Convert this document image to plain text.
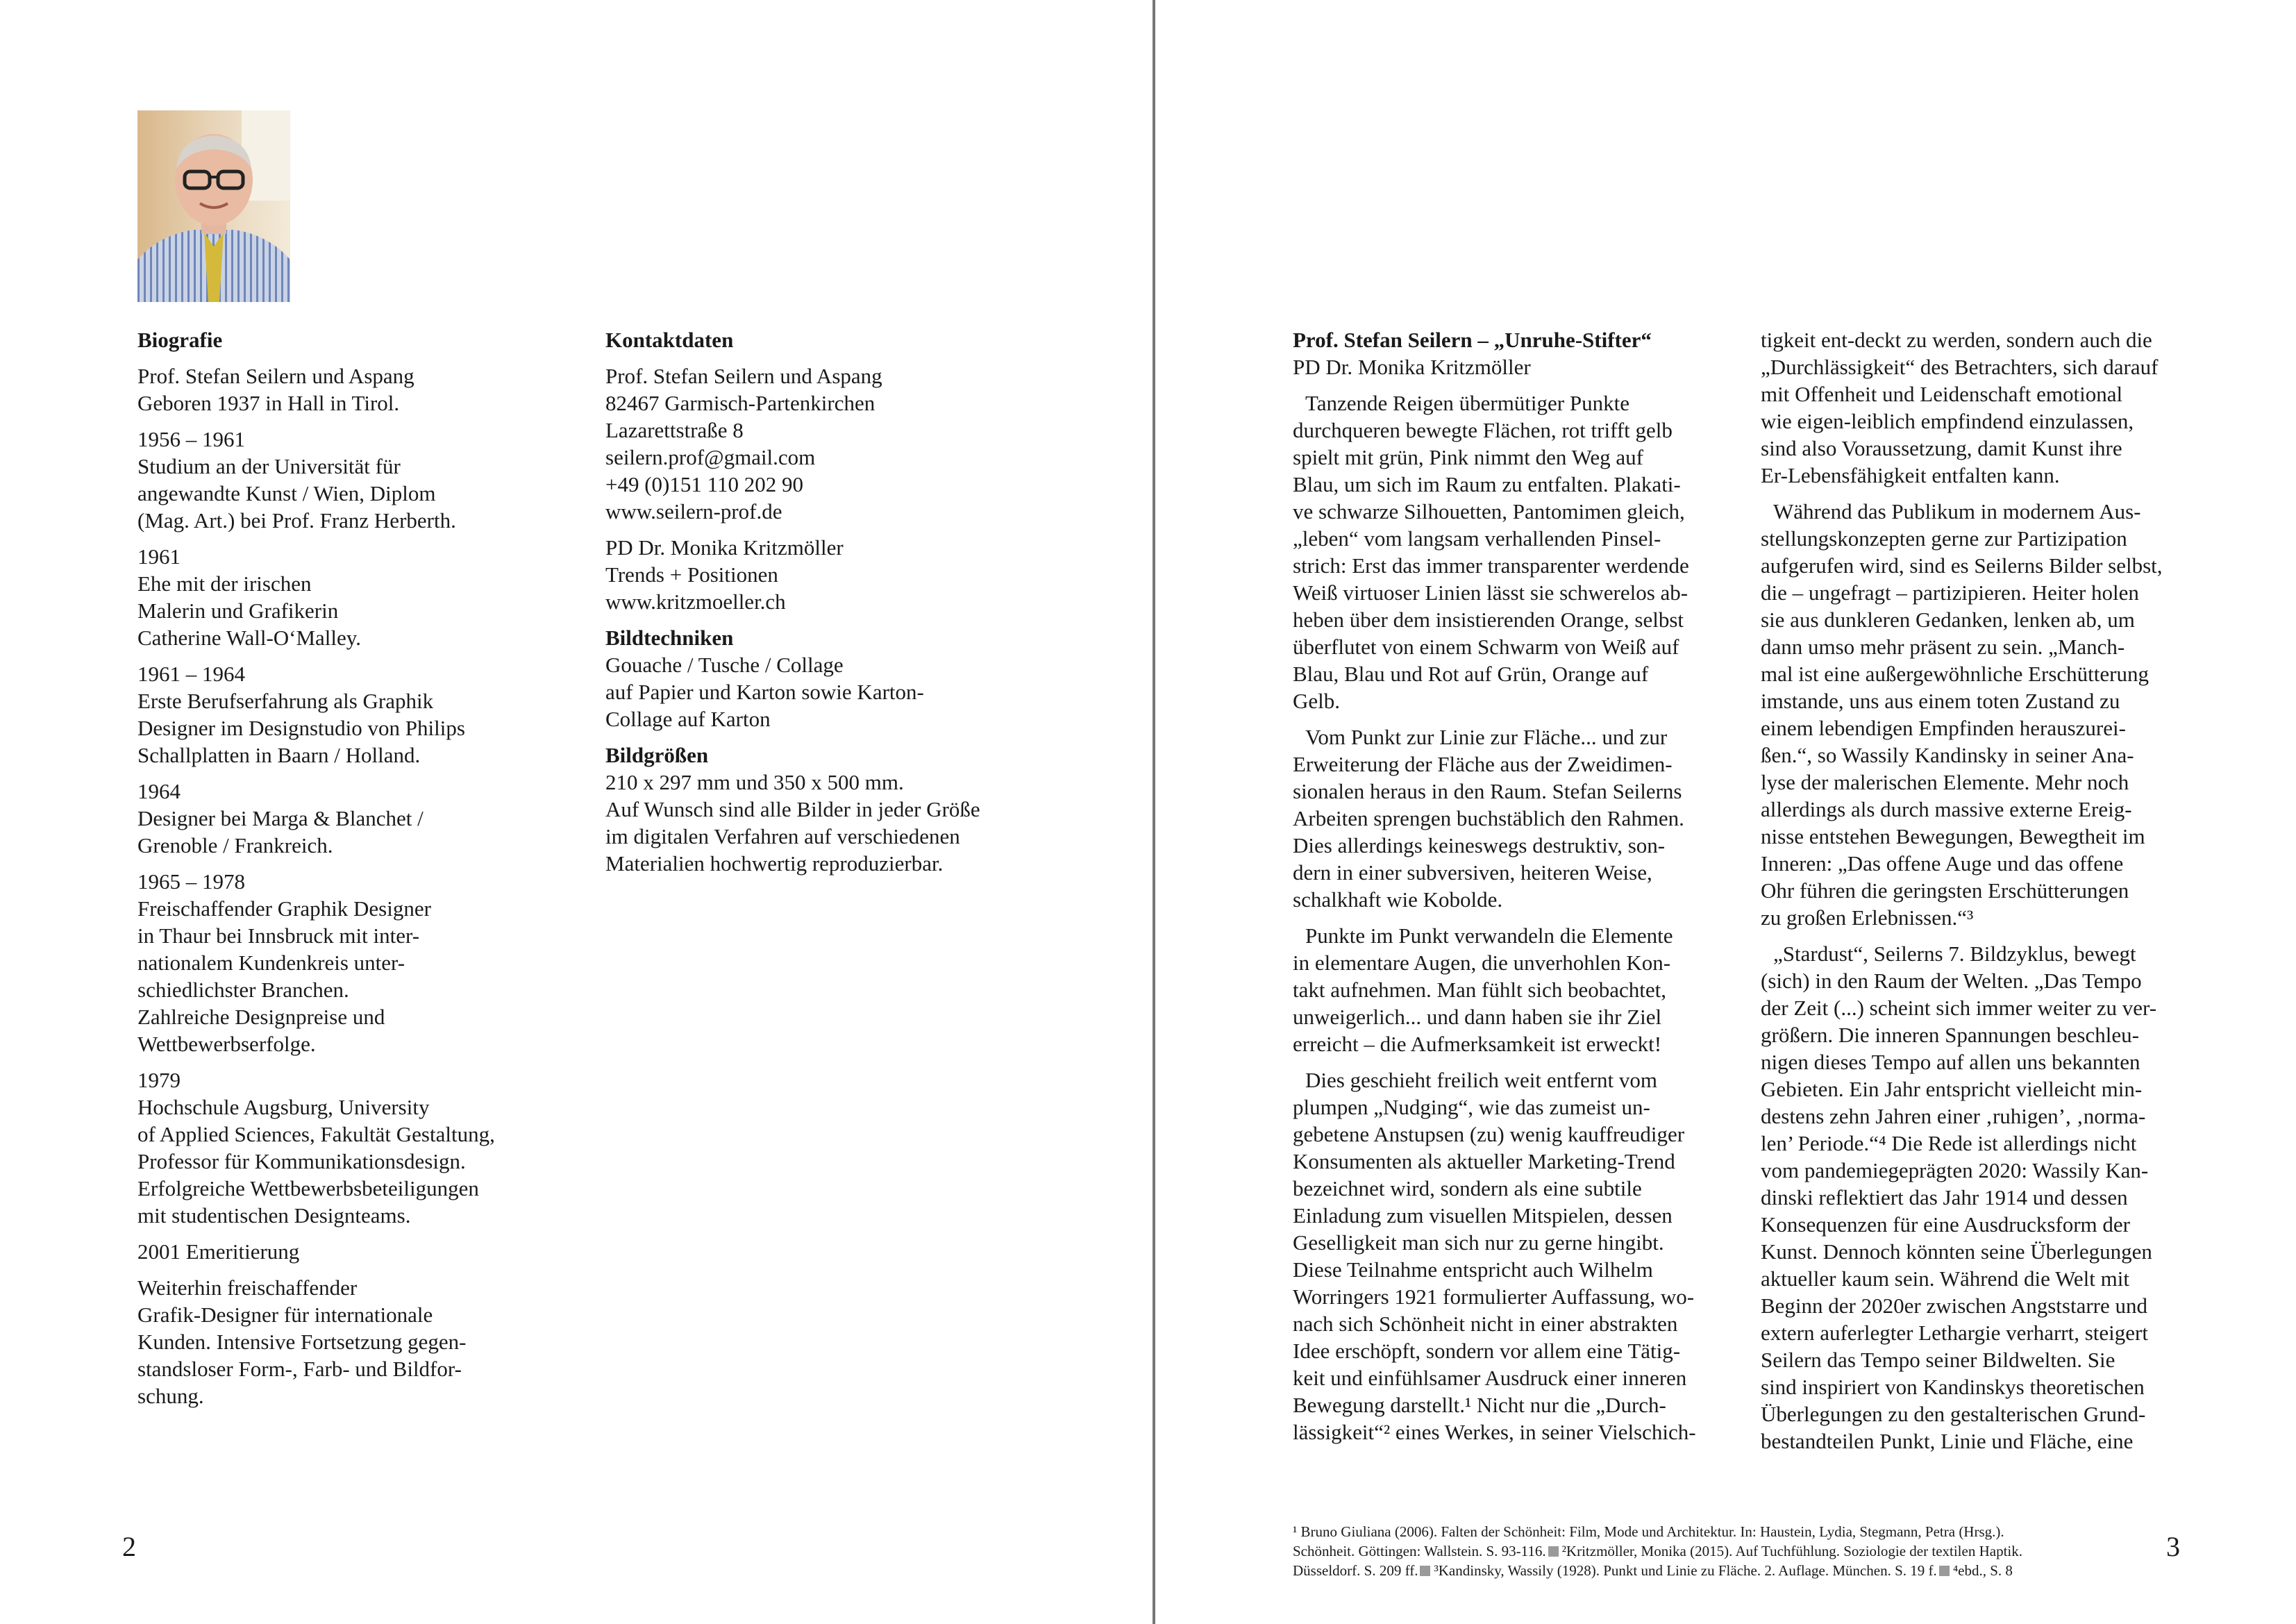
Biografie

Prof. Stefan Seilern und Aspang
Geboren 1937 in Hall in Tirol.
1956 – 1961
Studium an der Universität für
angewandte Kunst / Wien, Diplom
(Mag. Art.) bei Prof. Franz Herberth.
1961
Ehe mit der irischen
Malerin und Grafikerin
Catherine Wall-O‘Malley.
1961 – 1964
Erste Berufserfahrung als Graphik
Designer im Designstudio von Philips
Schallplatten in Baarn / Holland.
1964
Designer bei Marga & Blanchet /
Grenoble / Frankreich.
1965 – 1978
Freischaffender Graphik Designer
in Thaur bei Innsbruck mit inter-
nationalem Kundenkreis unter-
schiedlichster Branchen.
Zahlreiche Designpreise und
Wettbewerbserfolge.
1979
Hochschule Augsburg, University
of Applied Sciences, Fakultät Gestaltung,
Professor für Kommunikationsdesign.
Erfolgreiche Wettbewerbsbeteiligungen
mit studentischen Designteams.
2001 Emeritierung
Weiterhin freischaffender
Grafik-Designer für internationale
Kunden. Intensive Fortsetzung gegen-
standsloser Form-, Farb- und Bildfor-
schung.

Kontaktdaten

Prof. Stefan Seilern und Aspang
82467 Garmisch-Partenkirchen
Lazarettstraße 8
seilern.prof@gmail.com
+49 (0)151 110 202 90
www.seilern-prof.de
PD Dr. Monika Kritzmöller
Trends + Positionen
www.kritzmoeller.ch

Bildtechniken

Gouache / Tusche / Collage
auf Papier und Karton sowie Karton-
Collage auf Karton

Bildgrößen

210 x 297 mm und 350 x 500 mm.
Auf Wunsch sind alle Bilder in jeder Größe
im digitalen Verfahren auf verschiedenen
Materialien hochwertig reproduzierbar.
2

Prof. Stefan Seilern – „Unruhe-Stifter“

PD Dr. Monika Kritzmöller

Tanzende Reigen übermütiger Punkte
durchqueren bewegte Flächen, rot trifft gelb
spielt mit grün, Pink nimmt den Weg auf
Blau, um sich im Raum zu entfalten. Plakati-
ve schwarze Silhouetten, Pantomimen gleich,
„leben“ vom langsam verhallenden Pinsel-
strich: Erst das immer transparenter werdende
Weiß virtuoser Linien lässt sie schwerelos ab-
heben über dem insistierenden Orange, selbst
überflutet von einem Schwarm von Weiß auf
Blau, Blau und Rot auf Grün, Orange auf
Gelb.
Vom Punkt zur Linie zur Fläche... und zur
Erweiterung der Fläche aus der Zweidimen-
sionalen heraus in den Raum. Stefan Seilerns
Arbeiten sprengen buchstäblich den Rahmen.
Dies allerdings keineswegs destruktiv, son-
dern in einer subversiven, heiteren Weise,
schalkhaft wie Kobolde.
Punkte im Punkt verwandeln die Elemente
in elementare Augen, die unverhohlen Kon-
takt aufnehmen. Man fühlt sich beobachtet,
unweigerlich... und dann haben sie ihr Ziel
erreicht – die Aufmerksamkeit ist erweckt!
Dies geschieht freilich weit entfernt vom
plumpen „Nudging“, wie das zumeist un-
gebetene Anstupsen (zu) wenig kauffreudiger
Konsumenten als aktueller Marketing-Trend
bezeichnet wird, sondern als eine subtile
Einladung zum visuellen Mitspielen, dessen
Geselligkeit man sich nur zu gerne hingibt.
Diese Teilnahme entspricht auch Wilhelm
Worringers 1921 formulierter Auffassung, wo-
nach sich Schönheit nicht in einer abstrakten
Idee erschöpft, sondern vor allem eine Tätig-
keit und einfühlsamer Ausdruck einer inneren
Bewegung darstellt.¹ Nicht nur die „Durch-
lässigkeit“² eines Werkes, in seiner Vielschich-
tigkeit ent-deckt zu werden, sondern auch die
„Durchlässigkeit“ des Betrachters, sich darauf
mit Offenheit und Leidenschaft emotional
wie eigen-leiblich empfindend einzulassen,
sind also Voraussetzung, damit Kunst ihre
Er-Lebensfähigkeit entfalten kann.
Während das Publikum in modernem Aus-
stellungskonzepten gerne zur Partizipation
aufgerufen wird, sind es Seilerns Bilder selbst,
die – ungefragt – partizipieren. Heiter holen
sie aus dunkleren Gedanken, lenken ab, um
dann umso mehr präsent zu sein. „Manch-
mal ist eine außergewöhnliche Erschütterung
imstande, uns aus einem toten Zustand zu
einem lebendigen Empfinden herauszurei-
ßen.“, so Wassily Kandinsky in seiner Ana-
lyse der malerischen Elemente. Mehr noch
allerdings als durch massive externe Ereig-
nisse entstehen Bewegungen, Bewegtheit im
Inneren: „Das offene Auge und das offene
Ohr führen die geringsten Erschütterungen
zu großen Erlebnissen.“³
„Stardust“, Seilerns 7. Bildzyklus, bewegt
(sich) in den Raum der Welten. „Das Tempo
der Zeit (...) scheint sich immer weiter zu ver-
größern. Die inneren Spannungen beschleu-
nigen dieses Tempo auf allen uns bekannten
Gebieten. Ein Jahr entspricht vielleicht min-
destens zehn Jahren einer ‚ruhigen’, ‚norma-
len’ Periode.“⁴ Die Rede ist allerdings nicht
vom pandemiegeprägten 2020: Wassily Kan-
dinski reflektiert das Jahr 1914 und dessen
Konsequenzen für eine Ausdrucksform der
Kunst. Dennoch könnten seine Überlegungen
aktueller kaum sein. Während die Welt mit
Beginn der 2020er zwischen Angststarre und
extern auferlegter Lethargie verharrt, steigert
Seilern das Tempo seiner Bildwelten. Sie
sind inspiriert von Kandinskys theoretischen
Überlegungen zu den gestalterischen Grund-
bestandteilen Punkt, Linie und Fläche, eine
¹ Bruno Giuliana (2006). Falten der Schönheit: Film, Mode und Architektur. In: Haustein, Lydia, Stegmann, Petra (Hrsg.).
Schönheit. Göttingen: Wallstein. S. 93-116. ²Kritzmöller, Monika (2015). Auf Tuchfühlung. Soziologie der textilen Haptik.
Düsseldorf. S. 209 ff. ³Kandinsky, Wassily (1928). Punkt und Linie zu Fläche. 2. Auflage. München. S. 19 f. ⁴ebd., S. 8
3
